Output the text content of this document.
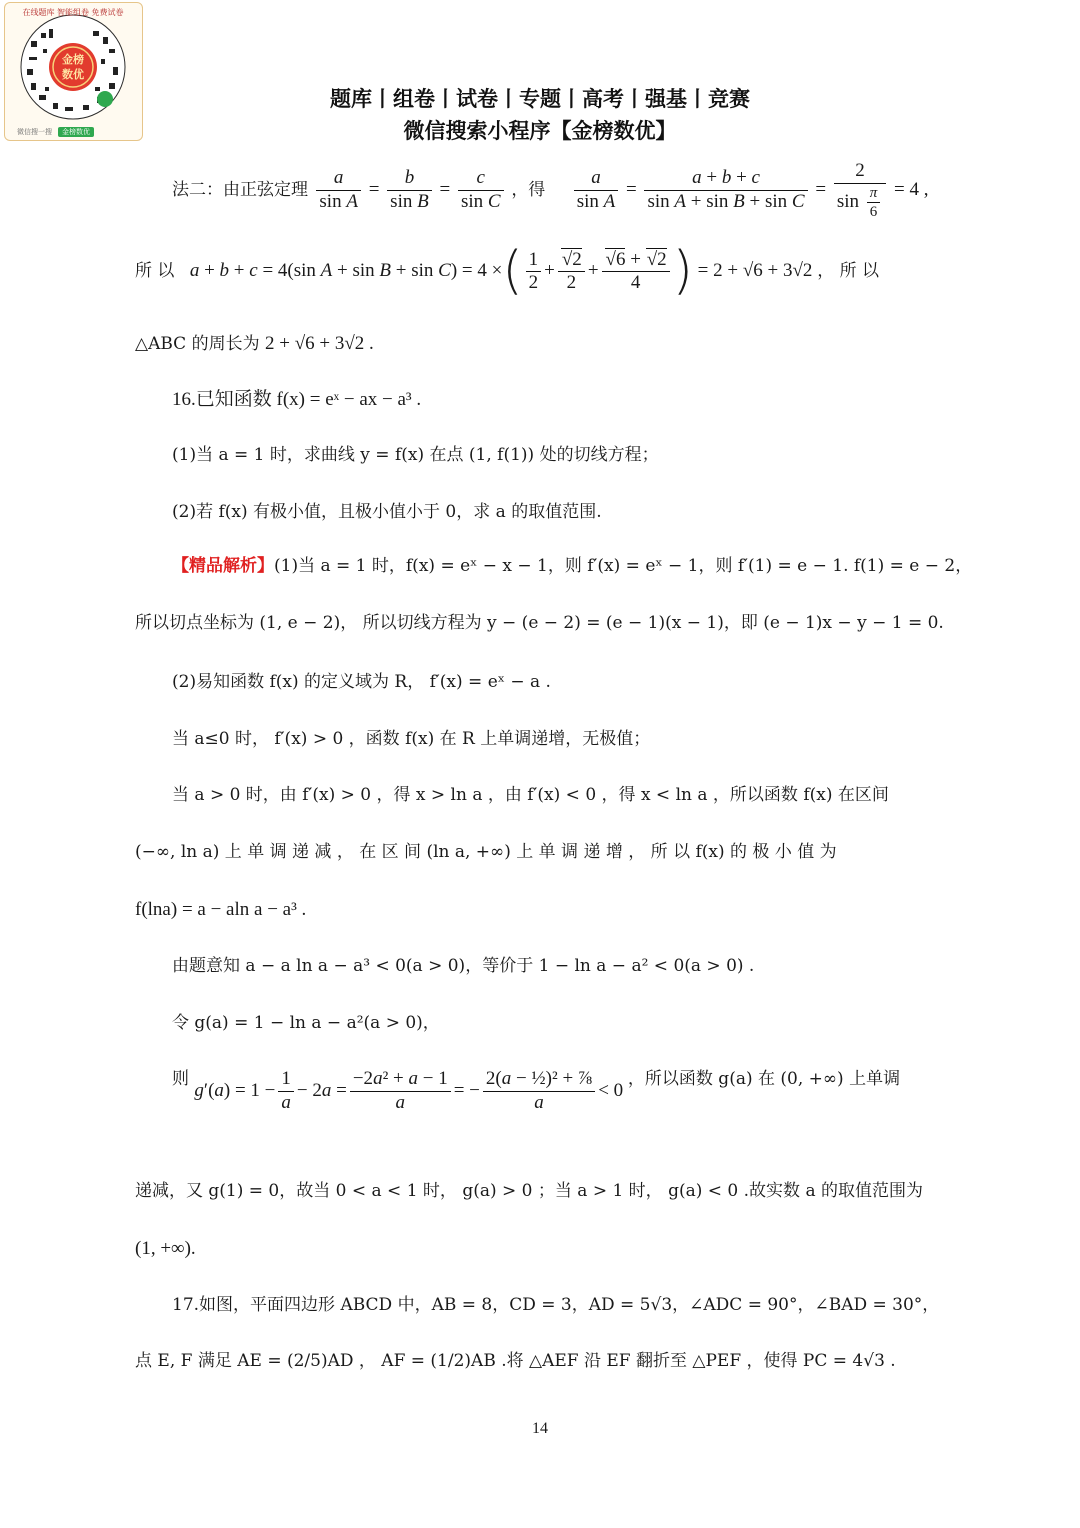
金榜
数优
在线题库 智能组卷 免费试卷
微信搜一搜	金榜数优
题库丨组卷丨试卷丨专题丨高考丨强基丨竞赛
微信搜索小程序【金榜数优】
法二：由正弦定理 $\frac{a}{\text{sin A}} = \frac{b}{\text{sin B}} = \frac{c}{\text{sin C}}$ ，得 $\frac{a}{\text{sin A}} = \frac{a + b + c}{\text{sin A + sin B + sin C}} = \frac{2}{\sin \frac{\pi}{6}} = 4$ ,
所 以 a + b + c = 4(sin A + sin B + sin C) = 4 ×( $\frac{1}{2} + \frac{√2}{2} + \frac{√6 + √2}{4}$ ) = 2 + √6 + 3√2 ， 所 以
△ABC 的周长为 2 + √6 + 3√2 .
16.已知函数 f(x) = eˣ − ax − a³ .
(1)当 a = 1 时，求曲线 y = f(x) 在点 (1, f(1)) 处的切线方程；
(2)若 f(x) 有极小值，且极小值小于 0，求 a 的取值范围.
【精品解析】(1)当 a = 1 时，f(x) = eˣ − x − 1，则 f′(x) = eˣ − 1，则 f′(1) = e − 1. f(1) = e − 2，
所以切点坐标为 (1, e − 2)， 所以切线方程为 y − (e − 2) = (e − 1)(x − 1)，即 (e − 1)x − y − 1 = 0.
(2)易知函数 f(x) 的定义域为 R， f′(x) = eˣ − a .
当 a≤0 时， f′(x) > 0 ，函数 f(x) 在 R 上单调递增，无极值；
当 a > 0 时，由 f′(x) > 0 ，得 x > ln a ，由 f′(x) < 0 ，得 x < ln a ，所以函数 f(x) 在区间
(−∞, ln a) 上 单 调 递 减 ， 在 区 间 (ln a, +∞) 上 单 调 递 增 ， 所 以 f(x) 的 极 小 值 为
f(lna) = a − aln a − a³ .
由题意知 a − a ln a − a³ < 0(a > 0)，等价于 1 − ln a − a² < 0(a > 0) .
令 g(a) = 1 − ln a − a²(a > 0)，
则 $g'(a) = 1 - \frac{1}{a} - 2a = \frac{\text{−2a² + a − 1}}{a}$ = − $\frac{\text{2(a − ½)² + ⅞}}{a} < 0$ ，所以函数 g(a) 在 (0, +∞) 上单调
递减，又 g(1) = 0，故当 0 < a < 1 时， g(a) > 0 ；当 a > 1 时， g(a) < 0 .故实数 a 的取值范围为
(1, +∞).
17.如图，平面四边形 ABCD 中，AB = 8，CD = 3，AD = 5√3，∠ADC = 90°，∠BAD = 30°，
点 E, F 满足 AE = (2/5)AD ， AF = (1/2)AB .将 △AEF 沿 EF 翻折至 △PEF ，使得 PC = 4√3 .
14
